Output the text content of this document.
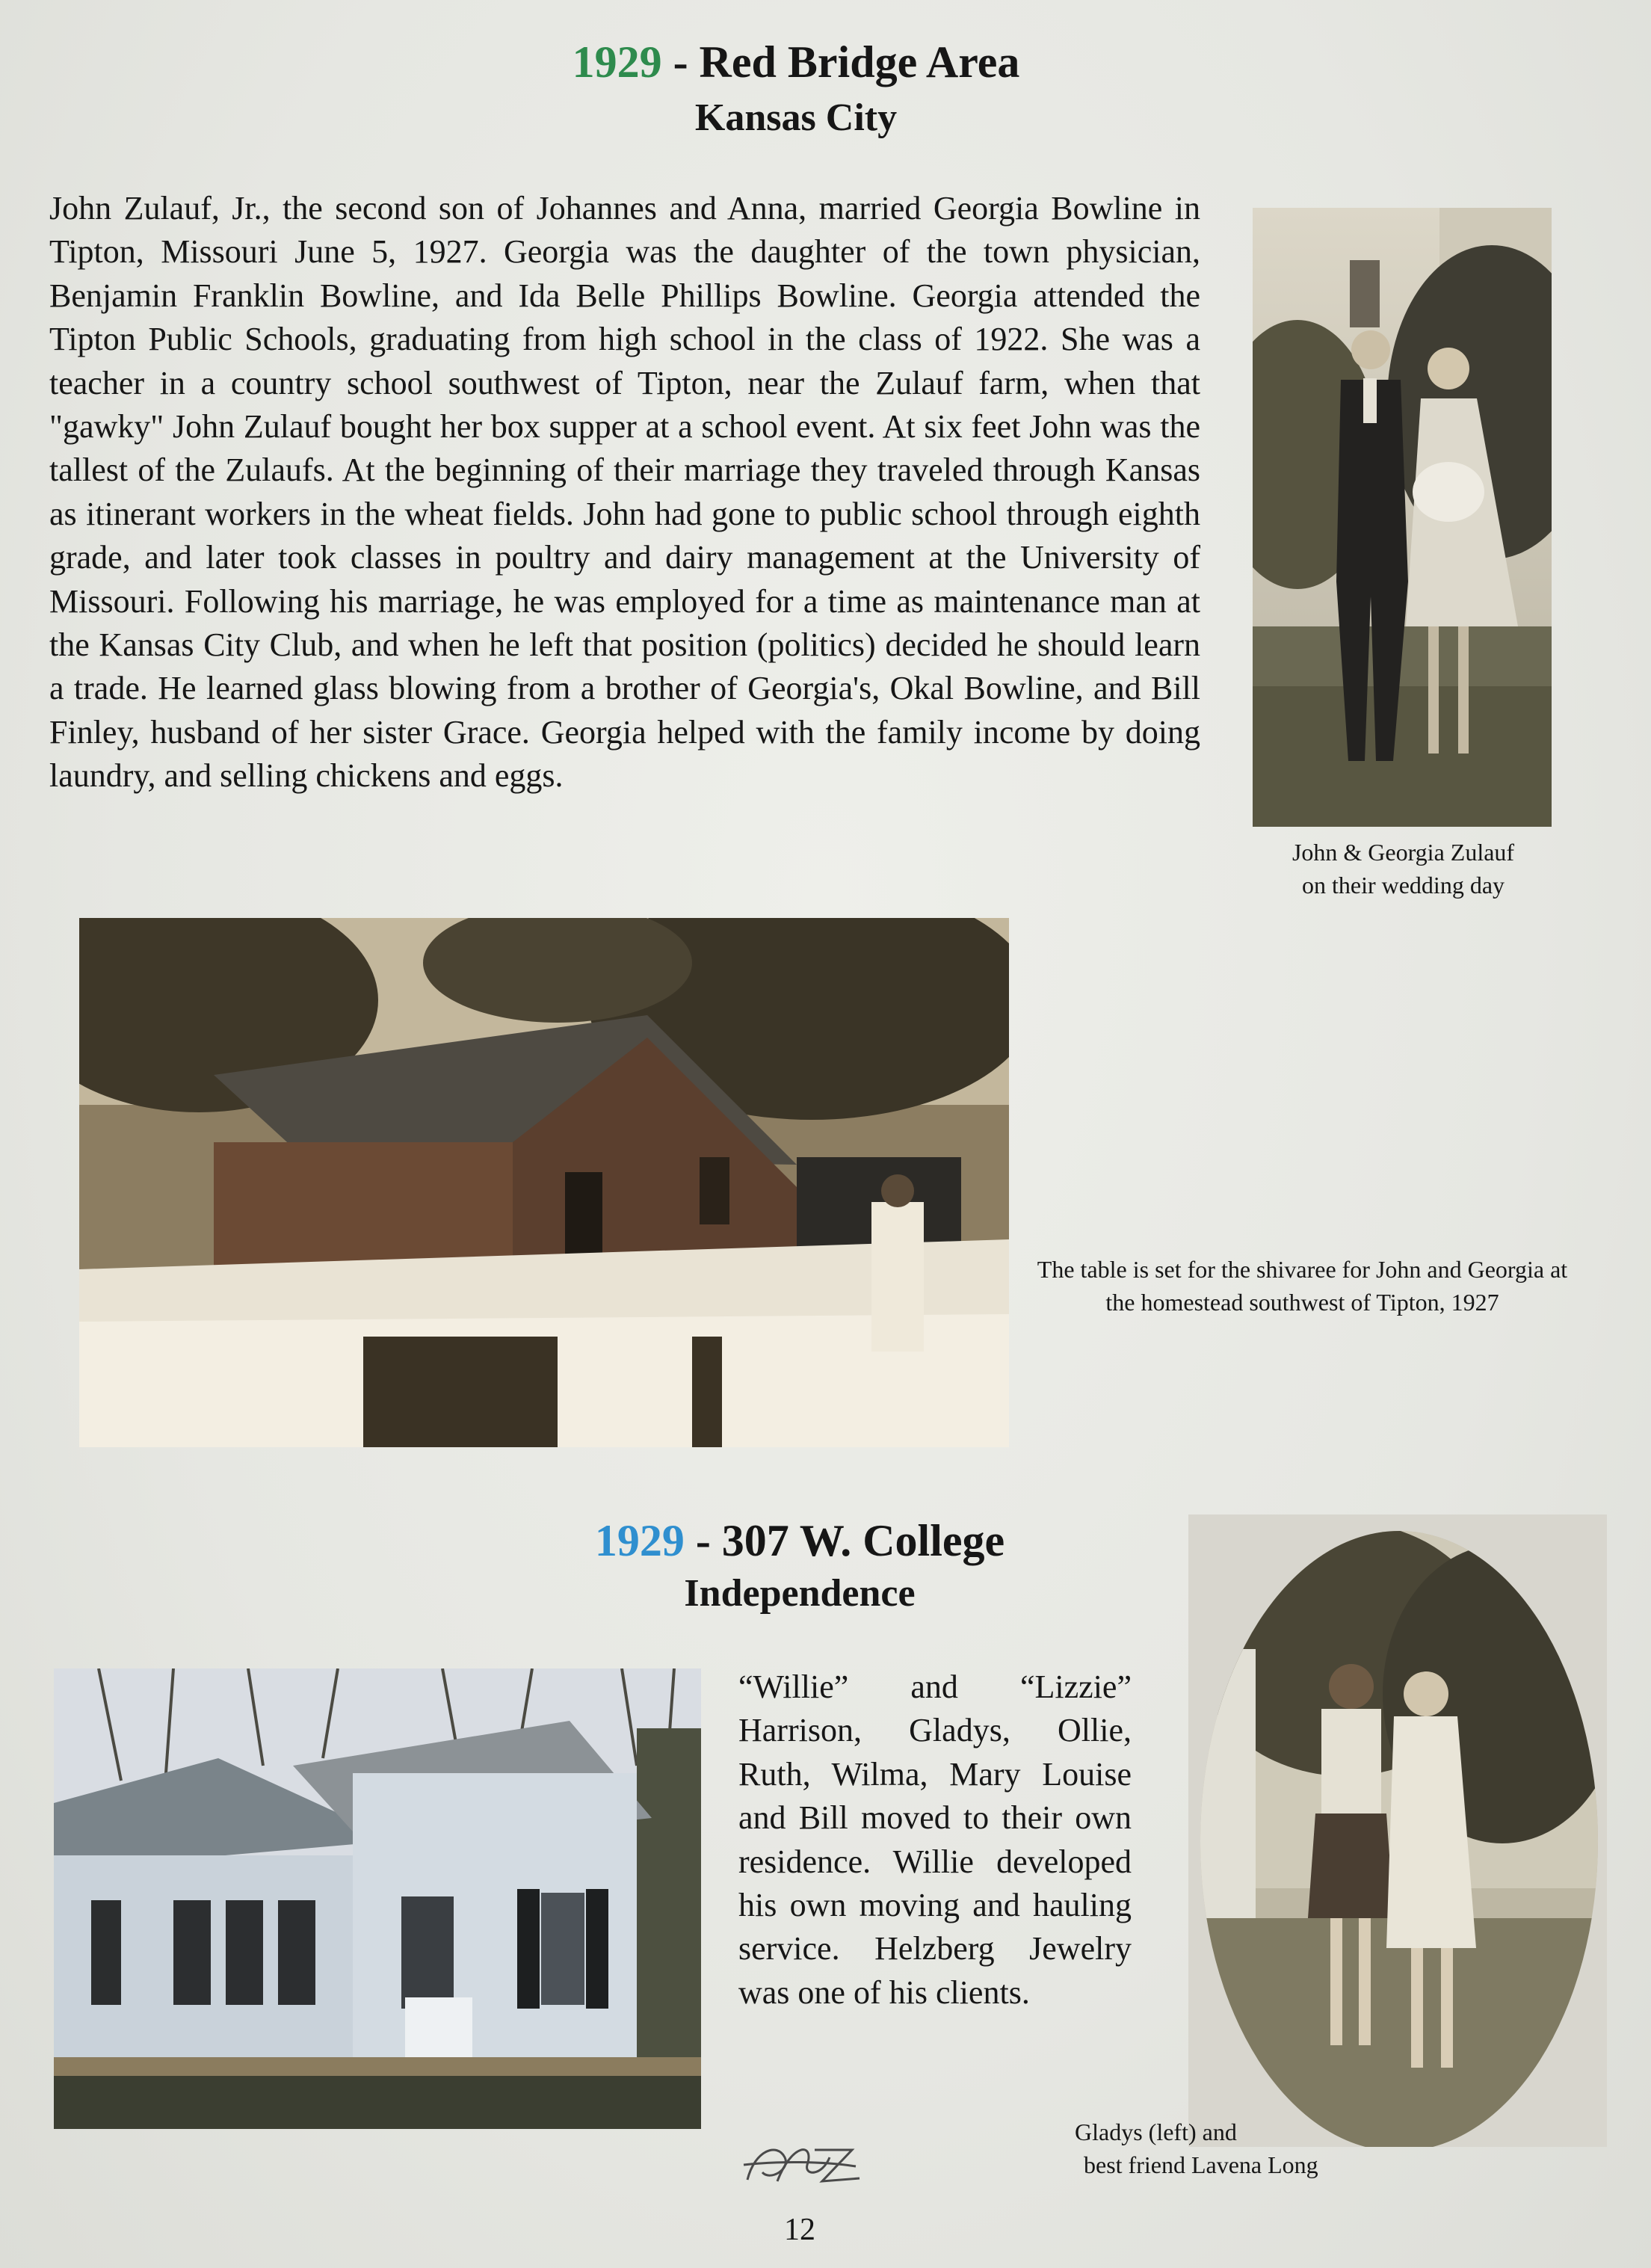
1929 - Red Bridge Area
Kansas City
John Zulauf, Jr., the second son of Johannes and Anna, married Georgia Bowline in Tipton, Missouri June 5, 1927. Georgia was the daughter of the town physician, Benjamin Franklin Bowline, and Ida Belle Phillips Bowline. Georgia attended the Tipton Public Schools, graduating from high school in the class of 1922. She was a teacher in a country school southwest of Tipton, near the Zulauf farm, when that "gawky" John Zulauf bought her box supper at a school event. At six feet John was the tallest of the Zulaufs. At the beginning of their marriage they traveled through Kansas as itinerant workers in the wheat fields. John had gone to public school through eighth grade, and later took classes in poultry and dairy management at the University of Missouri. Following his marriage, he was employed for a time as maintenance man at the Kansas City Club, and when he left that position (politics) decided he should learn a trade. He learned glass blowing from a brother of Georgia's, Okal Bowline, and Bill Finley, husband of her sister Grace. Georgia helped with the family income by doing laundry, and selling chickens and eggs.
John & Georgia Zulauf
on their wedding day
The table is set for the shivaree for John and Georgia at the homestead southwest of Tipton, 1927
1929 - 307 W. College
Independence
“Willie” and “Lizzie” Harrison, Gladys, Ollie, Ruth, Wilma, Mary Louise and Bill moved to their own residence. Willie developed his own moving and hauling service. Helzberg Jewelry was one of his clients.
Gladys (left) and
best friend Lavena Long
12
